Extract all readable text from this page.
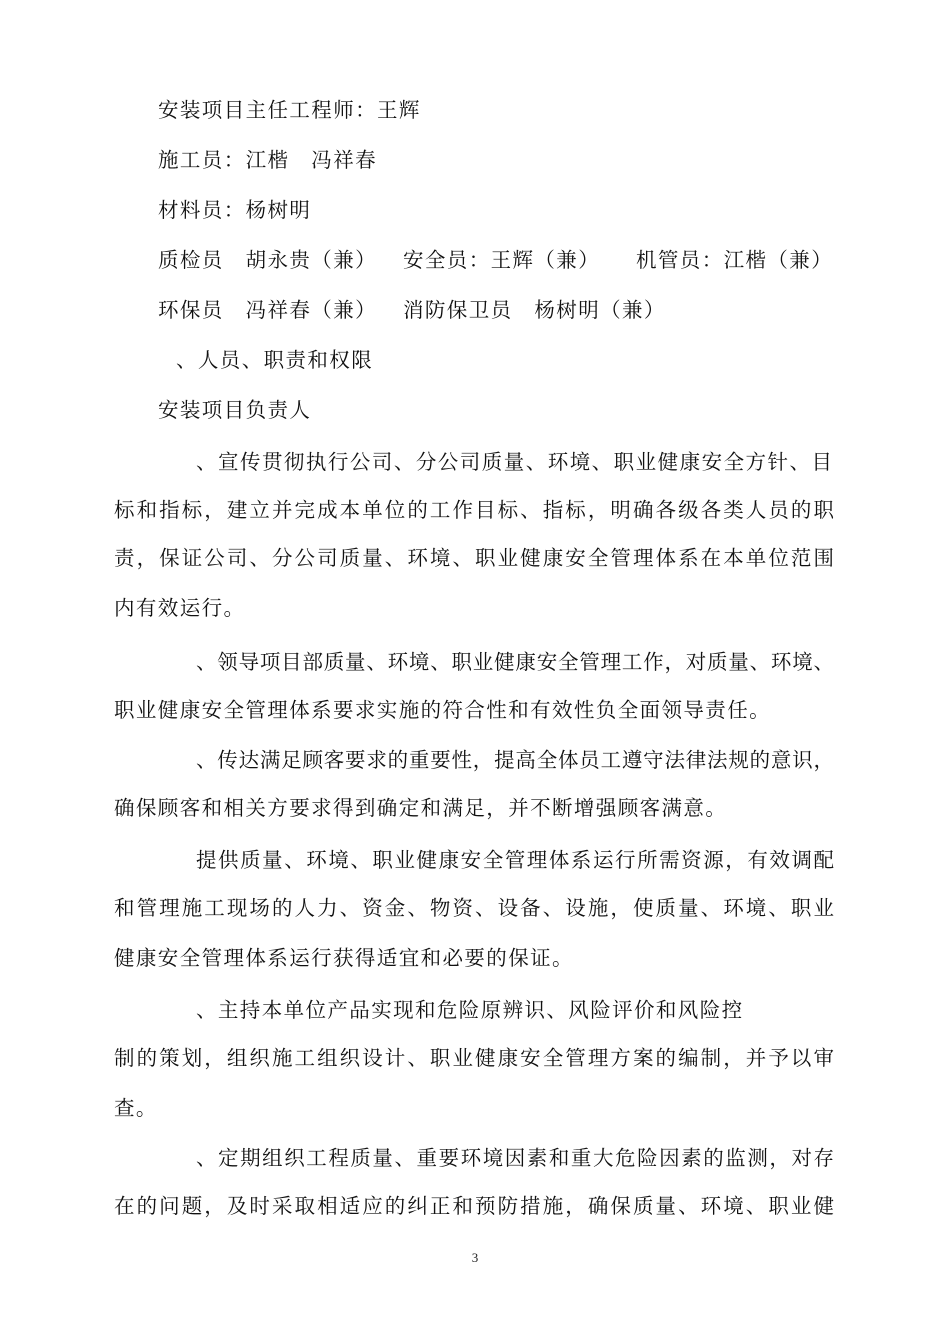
安装项目主任工程师：王辉
施工员：江楷　冯祥春
材料员：杨树明
质检员　胡永贵（兼） 安全员：王辉（兼） 机管员：江楷（兼）
环保员　冯祥春（兼） 消防保卫员　杨树明（兼）
、人员、职责和权限
安装项目负责人
、宣传贯彻执行公司、分公司质量、环境、职业健康安全方针、目
标和指标，建立并完成本单位的工作目标、指标，明确各级各类人员的职
责，保证公司、分公司质量、环境、职业健康安全管理体系在本单位范围
内有效运行。
、领导项目部质量、环境、职业健康安全管理工作，对质量、环境、
职业健康安全管理体系要求实施的符合性和有效性负全面领导责任。
、传达满足顾客要求的重要性，提高全体员工遵守法律法规的意识，
确保顾客和相关方要求得到确定和满足，并不断增强顾客满意。
提供质量、环境、职业健康安全管理体系运行所需资源，有效调配
和管理施工现场的人力、资金、物资、设备、设施，使质量、环境、职业
健康安全管理体系运行获得适宜和必要的保证。
、主持本单位产品实现和危险原辨识、风险评价和风险控
制的策划，组织施工组织设计、职业健康安全管理方案的编制，并予以审
查。
、定期组织工程质量、重要环境因素和重大危险因素的监测，对存
在的问题，及时采取相适应的纠正和预防措施，确保质量、环境、职业健
3
